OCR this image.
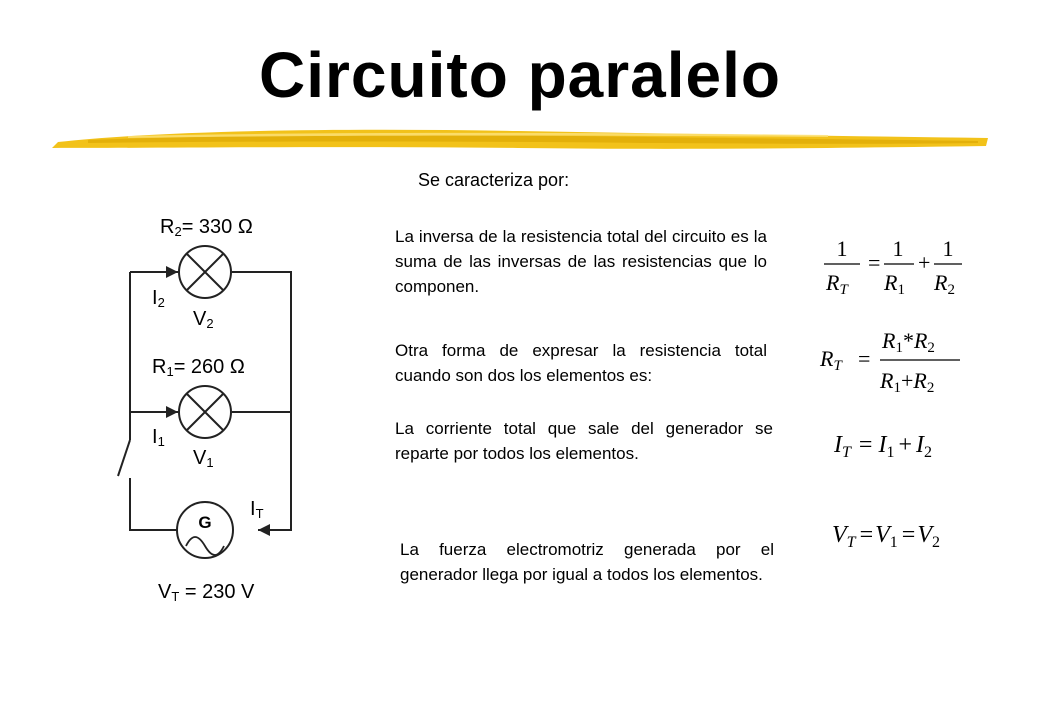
Circuito paralelo
Se caracteriza por:
La inversa de la resistencia total del circuito es la suma de las inversas de las resistencias que lo componen.
Otra forma de expresar la resistencia total cuando son dos los elementos es:
La corriente total que sale del generador se reparte por todos los elementos.
La fuerza electromotriz generada por el generador llega por igual a todos los elementos.
G
R2= 330 Ω
I2
V2
R1= 260 Ω
I1
V1
IT
VT = 230 V
1
RT
=
1
R1
+
1
R2
RT =
R1*R2
R1+R2
$I_T = I_1 + I_2$
$V_T =V_1 =V_2$
